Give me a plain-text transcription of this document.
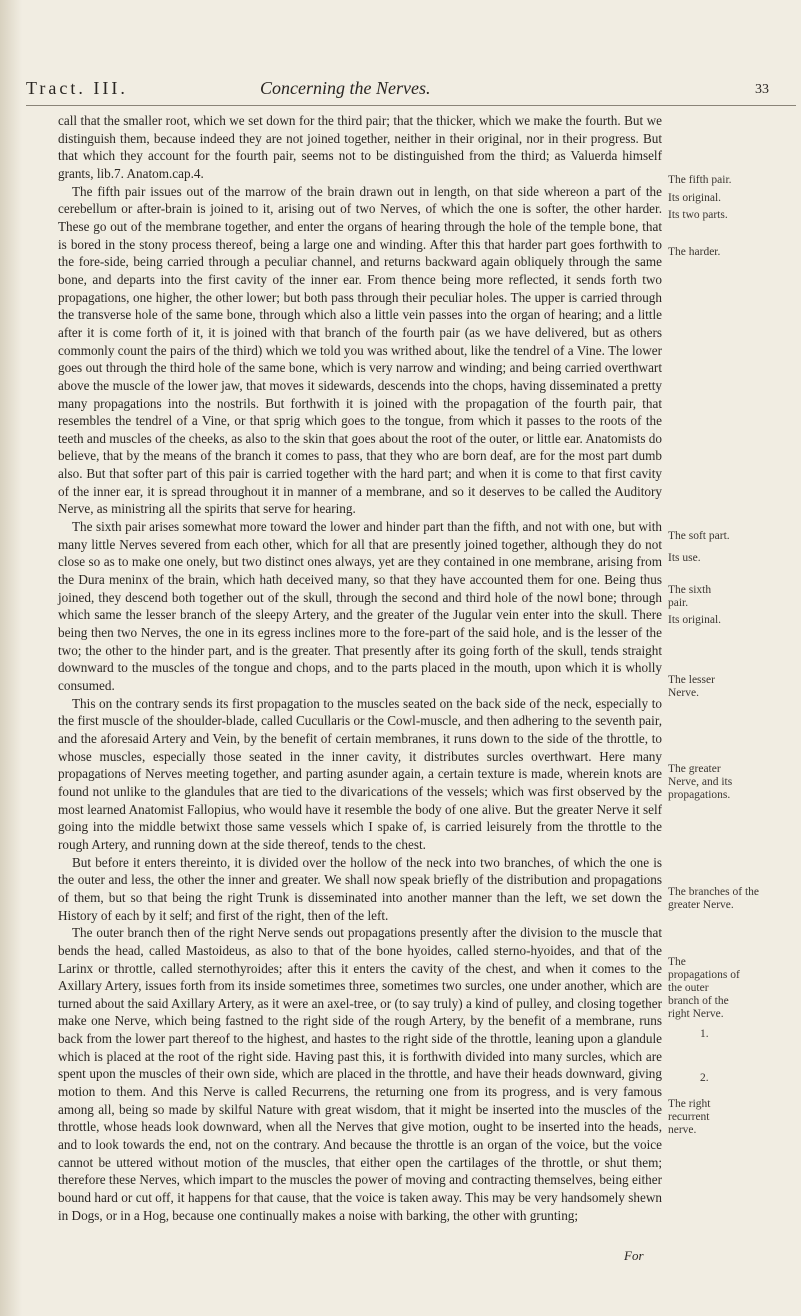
Tract. III.	Concerning the Nerves.	33

call that the smaller root, which we set down for the third pair; that the thicker, which we make the fourth. But we distinguish them, because indeed they are not joined together, neither in their original, nor in their progress. But that which they account for the fourth pair, seems not to be distinguished from the third; as Valuerda himself grants, lib.7. Anatom.cap.4.

The fifth pair issues out of the marrow of the brain drawn out in length, on that side whereon a part of the cerebellum or after-brain is joined to it, arising out of two Nerves, of which the one is softer, the other harder. These go out of the membrane together, and enter the organs of hearing through the hole of the temple bone, that is bored in the stony process thereof, being a large one and winding. After this that harder part goes forthwith to the fore-side, being carried through a peculiar channel, and returns backward again obliquely through the same bone, and departs into the first cavity of the inner ear. From thence being more reflected, it sends forth two propagations, one higher, the other lower; but both pass through their peculiar holes. The upper is carried through the transverse hole of the same bone, through which also a little vein passes into the organ of hearing; and a little after it is come forth of it, it is joined with that branch of the fourth pair (as we have delivered, but as others commonly count the pairs of the third) which we told you was writhed about, like the tendrel of a Vine. The lower goes out through the third hole of the same bone, which is very narrow and winding; and being carried overthwart above the muscle of the lower jaw, that moves it sidewards, descends into the chops, having disseminated a pretty many propagations into the nostrils. But forthwith it is joined with the propagation of the fourth pair, that resembles the tendrel of a Vine, or that sprig which goes to the tongue, from which it passes to the roots of the teeth and muscles of the cheeks, as also to the skin that goes about the root of the outer, or little ear. Anatomists do believe, that by the means of the branch it comes to pass, that they who are born deaf, are for the most part dumb also. But that softer part of this pair is carried together with the hard part; and when it is come to that first cavity of the inner ear, it is spread throughout it in manner of a membrane, and so it deserves to be called the Auditory Nerve, as ministring all the spirits that serve for hearing.

The sixth pair arises somewhat more toward the lower and hinder part than the fifth, and not with one, but with many little Nerves severed from each other, which for all that are presently joined together, although they do not close so as to make one onely, but two distinct ones always, yet are they contained in one membrane, arising from the Dura meninx of the brain, which hath deceived many, so that they have accounted them for one. Being thus joined, they descend both together out of the skull, through the second and third hole of the nowl bone; through which same the lesser branch of the sleepy Artery, and the greater of the Jugular vein enter into the skull. There being then two Nerves, the one in its egress inclines more to the fore-part of the said hole, and is the lesser of the two; the other to the hinder part, and is the greater. That presently after its going forth of the skull, tends straight downward to the muscles of the tongue and chops, and to the parts placed in the mouth, upon which it is wholly consumed.

This on the contrary sends its first propagation to the muscles seated on the back side of the neck, especially to the first muscle of the shoulder-blade, called Cucullaris or the Cowl-muscle, and then adhering to the seventh pair, and the aforesaid Artery and Vein, by the benefit of certain membranes, it runs down to the side of the throttle, to whose muscles, especially those seated in the inner cavity, it distributes surcles overthwart. Here many propagations of Nerves meeting together, and parting asunder again, a certain texture is made, wherein knots are found not unlike to the glandules that are tied to the divarications of the vessels; which was first observed by the most learned Anatomist Fallopius, who would have it resemble the body of one alive. But the greater Nerve it self going into the middle betwixt those same vessels which I spake of, is carried leisurely from the throttle to the rough Artery, and running down at the side thereof, tends to the chest.

But before it enters thereinto, it is divided over the hollow of the neck into two branches, of which the one is the outer and less, the other the inner and greater. We shall now speak briefly of the distribution and propagations of them, but so that being the right Trunk is disseminated into another manner than the left, we set down the History of each by it self; and first of the right, then of the left.

The outer branch then of the right Nerve sends out propagations presently after the division to the muscle that bends the head, called Mastoideus, as also to that of the bone hyoides, called sterno-hyoides, and that of the Larinx or throttle, called sternothyroides; after this it enters the cavity of the chest, and when it comes to the Axillary Artery, issues forth from its inside sometimes three, sometimes two surcles, one under another, which are turned about the said Axillary Artery, as it were an axel-tree, or (to say truly) a kind of pulley, and closing together make one Nerve, which being fastned to the right side of the rough Artery, by the benefit of a membrane, runs back from the lower part thereof to the highest, and hastes to the right side of the throttle, leaning upon a glandule which is placed at the root of the right side. Having past this, it is forthwith divided into many surcles, which are spent upon the muscles of their own side, which are placed in the throttle, and have their heads downward, giving motion to them. And this Nerve is called Recurrens, the returning one from its progress, and is very famous among all, being so made by skilful Nature with great wisdom, that it might be inserted into the muscles of the throttle, whose heads look downward, when all the Nerves that give motion, ought to be inserted into the heads, and to look towards the end, not on the contrary. And because the throttle is an organ of the voice, but the voice cannot be uttered without motion of the muscles, that either open the cartilages of the throttle, or shut them; therefore these Nerves, which impart to the muscles the power of moving and contracting themselves, being either bound hard or cut off, it happens for that cause, that the voice is taken away. This may be very handsomely shewn in Dogs, or in a Hog, because one continually makes a noise with barking, the other with grunting;

The fifth pair.
Its original.
Its two parts.
The harder.
The soft part.
Its use.
The sixth pair.
Its original.
The lesser Nerve.
The greater Nerve, and its propagations.
The branches of the greater Nerve.
The propagations of the outer branch of the right Nerve.
1.
2.
The right recurrent nerve.
For
